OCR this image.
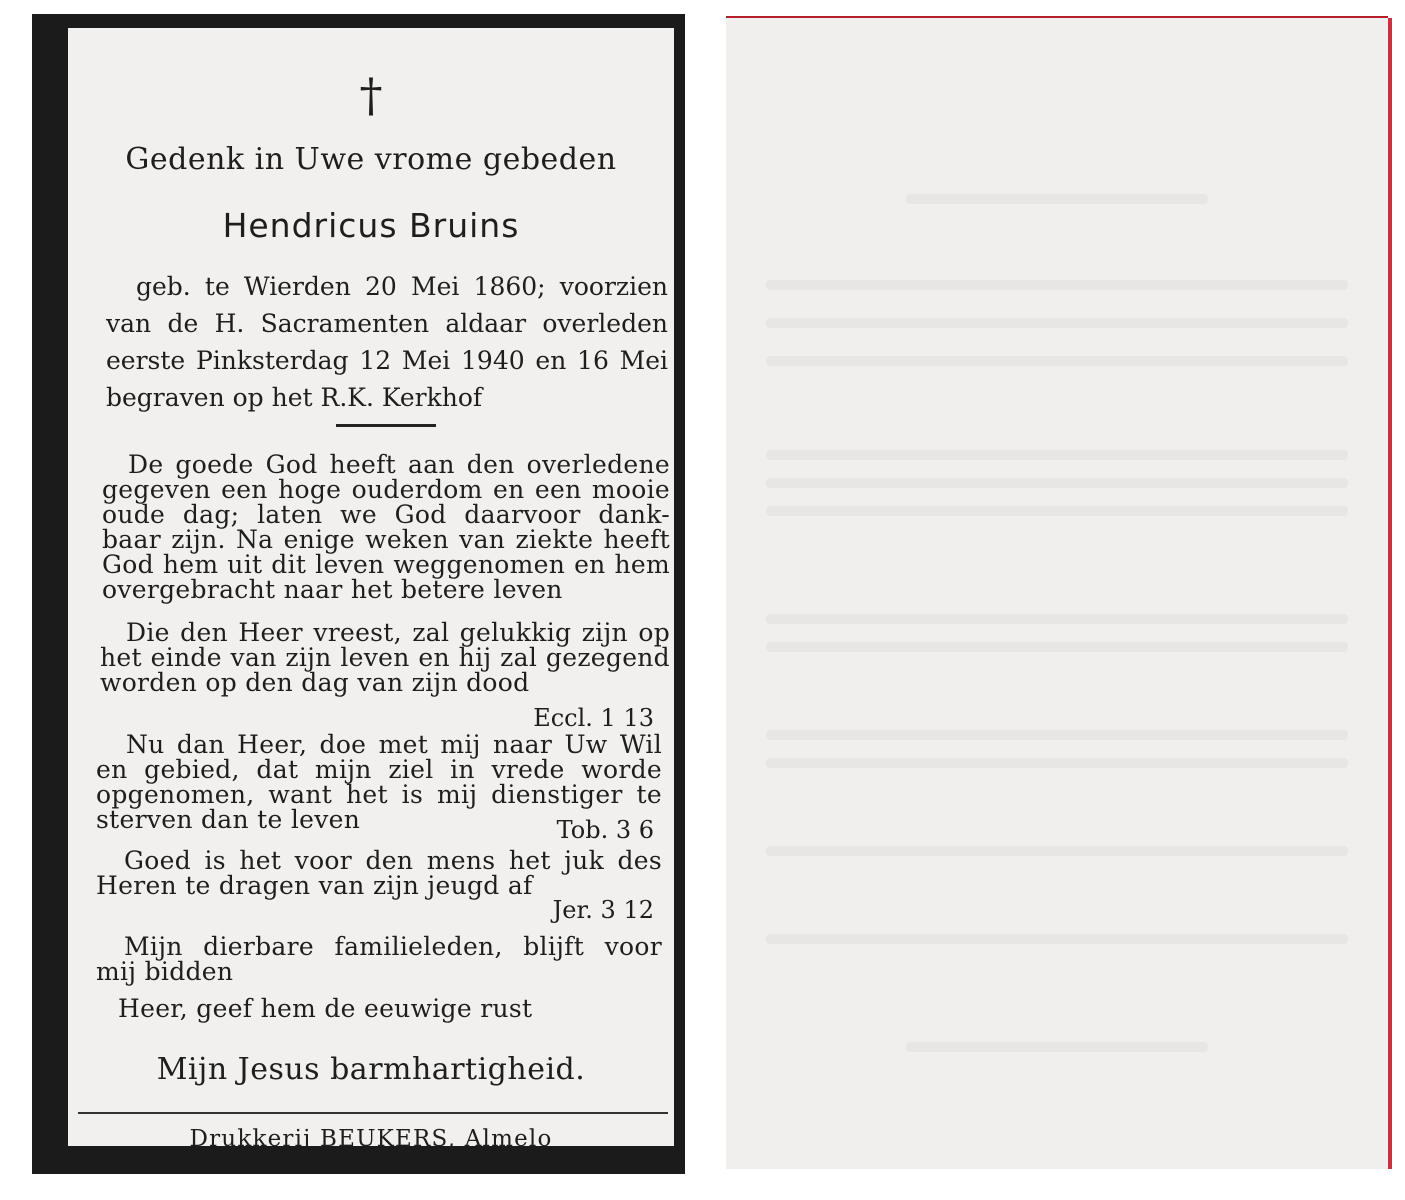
†
Gedenk in Uwe vrome gebeden
Hendricus Bruins
geb. te Wierden 20 Mei 1860; voorzien
van de H. Sacramenten aldaar overleden
eerste Pinksterdag 12 Mei 1940 en 16 Mei
begraven op het R.K. Kerkhof
De goede God heeft aan den overledene
gegeven een hoge ouderdom en een mooie
oude dag; laten we God daarvoor dank-
baar zijn. Na enige weken van ziekte heeft
God hem uit dit leven weggenomen en hem
overgebracht naar het betere leven
Die den Heer vreest, zal gelukkig zijn op
het einde van zijn leven en hij zal gezegend
worden op den dag van zijn dood
Eccl. 1 13
Nu dan Heer, doe met mij naar Uw Wil
en gebied, dat mijn ziel in vrede worde
opgenomen, want het is mij dienstiger te
sterven dan te leven	Tob. 3 6
Goed is het voor den mens het juk des
Heren te dragen van zijn jeugd af
Jer. 3 12
Mijn dierbare familieleden, blijft voor
mij bidden
Heer, geef hem de eeuwige rust
Mijn Jesus barmhartigheid.
Drukkerij BEUKERS, Almelo
